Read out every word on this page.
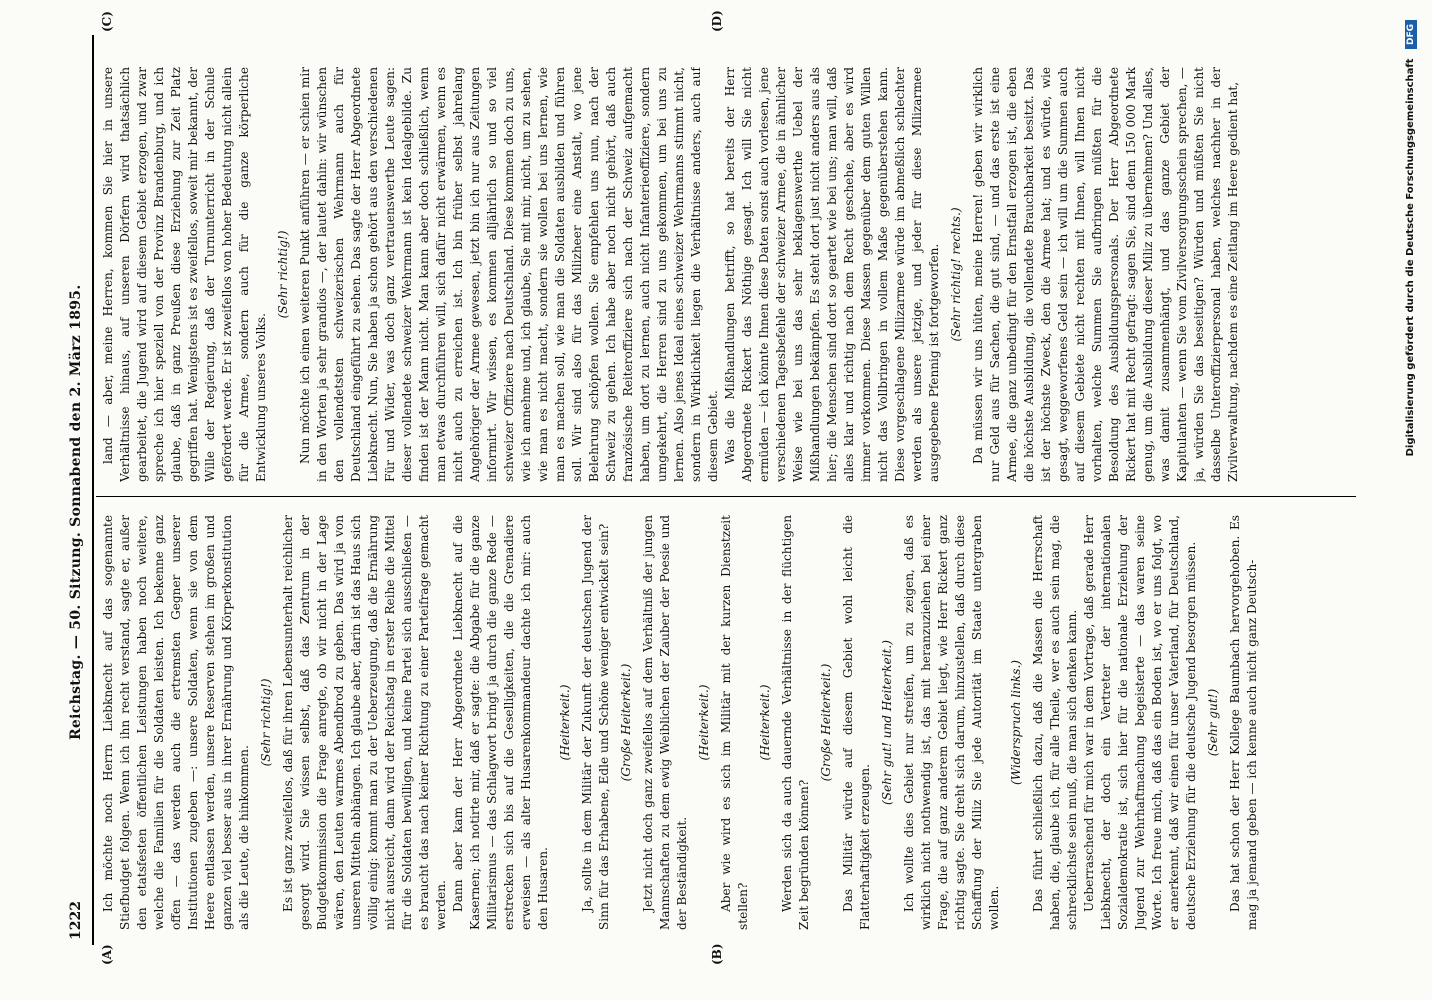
1222
Reichstag. — 50. Sitzung. Sonnabend den 2. März 1895.
(A)	(B)
(C)	(D)

Ich möchte noch Herrn Liebknecht auf das sogenannte Stiefbudget folgen. Wenn ich ihn recht verstand, sagte er, außer den etatsfesten öffentlichen Leistungen haben noch weitere, welche die Familien für die Soldaten leisten. Ich bekenne ganz offen — das werden auch die ertremsten Gegner unserer Institutionen zugeben —: unsere Soldaten, wenn sie von dem Heere entlassen werden, unsere Reserven stehen im großen und ganzen viel besser aus in ihrer Ernährung und Körperkonstitution als die Leute, die hinkommen.

(Sehr richtig!) Es ist ganz zweifellos, daß für ihren Lebensunterhalt reichlicher gesorgt wird. Sie wissen selbst, daß das Zentrum in der Budgetkommission die Frage anregte, ob wir nicht in der Lage wären, den Leuten warmes Abendbrod zu geben. Das wird ja von unseren Mitteln abhängen. Ich glaube aber, darin ist das Haus sich völlig einig: kommt man zu der Ueberzeugung, daß die Ernährung nicht ausreicht, dann wird der Reichstag in erster Reihe die Mittel für die Soldaten bewilligen, und keine Partei sich ausschließen — es braucht das nach keiner Richtung zu einer Parteifrage gemacht werden. Dann aber kam der Herr Abgeordnete Liebknecht auf die Kasernen; ich notirte mir, daß er sagte: die Abgabe für die ganze Militarismus — das Schlagwort bringt ja durch die ganze Rede — erstrecken sich bis auf die Geselligkeiten, die die Grenadiere erweisen — als alter Husarenkommandeur dachte ich mir: auch den Husaren.

(Heiterkeit.) Ja, sollte in dem Militär der Zukunft der deutschen Jugend der Sinn für das Erhabene, Edle und Schöne weniger entwickelt sein? (Große Heiterkeit.) Jetzt nicht doch ganz zweifellos auf dem Verhältniß der jungen Mannschaften zu dem ewig Weiblichen der Zauber der Poesie und der Beständigkeit.

(Heiterkeit.) Aber wie wird es sich im Militär mit der kurzen Dienstzeit stellen?

(Heiterkeit.) Werden sich da auch dauernde Verhältnisse in der flüchtigen Zeit begründen können?

(Große Heiterkeit.) Das Militär würde auf diesem Gebiet wohl leicht die Flatterhaftigkeit erzeugen.

(Sehr gut! und Heiterkeit.) Ich wollte dies Gebiet nur streifen, um zu zeigen, daß es wirklich nicht nothwendig ist, das mit heranzuziehen bei einer Frage, die auf ganz anderem Gebiet liegt, wie Herr Rickert ganz richtig sagte. Sie dreht sich darum, hinzustellen, daß durch diese Schaffung der Miliz Sie jede Autorität im Staate untergraben wollen.

(Widerspruch links.) Das führt schließlich dazu, daß die Massen die Herrschaft haben, die, glaube ich, für alle Theile, wer es auch sein mag, die schrecklichste sein muß, die man sich denken kann. Ueberraschend für mich war in dem Vortrage, daß gerade Herr Liebknecht, der doch ein Vertreter der internationalen Sozialdemokratie ist, sich hier für die nationale Erziehung der Jugend zur Wehrhaftmachung begeisterte — das waren seine Worte. Ich freue mich, daß das ein Boden ist, wo er uns folgt, wo er anerkennt, daß wir einen für unser Vaterland, für Deutschland, deutsche Erziehung für die deutsche Jugend besorgen müssen. (Sehr gut!) Das hat schon der Herr Kollege Baumbach hervorgehoben. Es mag ja jemand geben — ich kenne auch nicht ganz Deutsch-

land — aber, meine Herren, kommen Sie hier in unsere Verhältnisse hinaus, auf unseren Dörfern wird thatsächlich gearbeitet, die Jugend wird auf diesem Gebiet erzogen, und zwar spreche ich hier speziell von der Provinz Brandenburg, und ich glaube, daß in ganz Preußen diese Erziehung zur Zeit Platz gegriffen hat. Wenigstens ist es zweifellos, soweit mir bekannt, der Wille der Regierung, daß der Turnunterricht in der Schule gefördert werde. Er ist zweifellos von hoher Bedeutung nicht allein für die Armee, sondern auch für die ganze körperliche Entwicklung unseres Volks.

(Sehr richtig!) Nun möchte ich einen weiteren Punkt anführen — er schien mir in den Worten ja sehr grandios —, der lautet dahin: wir wünschen den vollendetsten schweizerischen Wehrmann auch für Deutschland eingeführt zu sehen. Das sagte der Herr Abgeordnete Liebknecht. Nun, Sie haben ja schon gehört aus den verschiedenen Für und Wider, was doch ganz vertrauenswerthe Leute sagen: dieser vollendete schweizer Wehrmann ist kein Idealgebilde. Zu finden ist der Mann nicht. Man kann aber doch schließlich, wenn man etwas durchführen will, sich dafür nicht erwärmen, wenn es nicht auch zu erreichen ist. Ich bin früher selbst jahrelang Angehöriger der Armee gewesen, jetzt bin ich nur aus Zeitungen informirt. Wir wissen, es kommen alljährlich so und so viel schweizer Offiziere nach Deutschland. Diese kommen doch zu uns, wie ich annehme und, ich glaube, Sie mit mir, nicht, um zu sehen, wie man es nicht macht, sondern sie wollen bei uns lernen, wie man es machen soll, wie man die Soldaten ausbilden und führen soll. Wir sind also für das Milizheer eine Anstalt, wo jene Belehrung schöpfen wollen. Sie empfehlen uns nun, nach der Schweiz zu gehen. Ich habe aber noch nicht gehört, daß auch französische Reiteroffiziere sich nach der Schweiz aufgemacht haben, um dort zu lernen, auch nicht Infanterieoffiziere, sondern umgekehrt, die Herren sind zu uns gekommen, um bei uns zu lernen. Also jenes Ideal eines schweizer Wehrmanns stimmt nicht, sondern in Wirklichkeit liegen die Verhältnisse anders, auch auf diesem Gebiet. Was die Mißhandlungen betrifft, so hat bereits der Herr Abgeordnete Rickert das Nöthige gesagt. Ich will Sie nicht ermüden — ich könnte Ihnen diese Daten sonst auch vorlesen, jene verschiedenen Tagesbefehle der schweizer Armee, die in ähnlicher Weise wie bei uns das sehr beklagenswerthe Uebel der Mißhandlungen bekämpfen. Es steht dort just nicht anders aus als hier; die Menschen sind dort so geartet wie bei uns; man will, daß alles klar und richtig nach dem Recht geschehe, aber es wird immer vorkommen. Diese Massen gegenüber dem guten Willen nicht das Vollbringen in vollem Maße gegenüberstehen kann. Diese vorgeschlagene Milizarmee würde im abmeßlich schlechter werden als unsere jetzige, und jeder für diese Milizarmee ausgegebene Pfennig ist fortgeworfen. (Sehr richtig! rechts.) Da müssen wir uns hüten, meine Herren! geben wir wirklich nur Geld aus für Sachen, die gut sind, — und das erste ist eine Armee, die ganz unbedingt für den Ernstfall erzogen ist, die eben die höchste Ausbildung, die vollendete Brauchbarkeit besitzt. Das ist der höchste Zweck, den die Armee hat; und es würde, wie gesagt, weggeworfenes Geld sein — ich will um die Summen auch auf diesem Gebiete nicht rechten mit Ihnen, will Ihnen nicht vorhalten, welche Summen Sie aufbringen müßten für die Besoldung des Ausbildungspersonals. Der Herr Abgeordnete Rickert hat mit Recht gefragt: sagen Sie, sind denn 150 000 Mark genug, um die Ausbildung dieser Miliz zu übernehmen? Und alles, was damit zusammenhängt, und das ganze Gebiet der Kapitulanten — wenn Sie vom Zivilversorgungsschein sprechen, — ja, würden Sie das beseitigen? Würden und müßten Sie nicht dasselbe Unteroffizierpersonal haben, welches nachher in der Zivilverwaltung, nachdem es eine Zeitlang im Heere gedient hat,	Digitalisierung gefördert durch die Deutsche Forschungsgemeinschaft DFG
